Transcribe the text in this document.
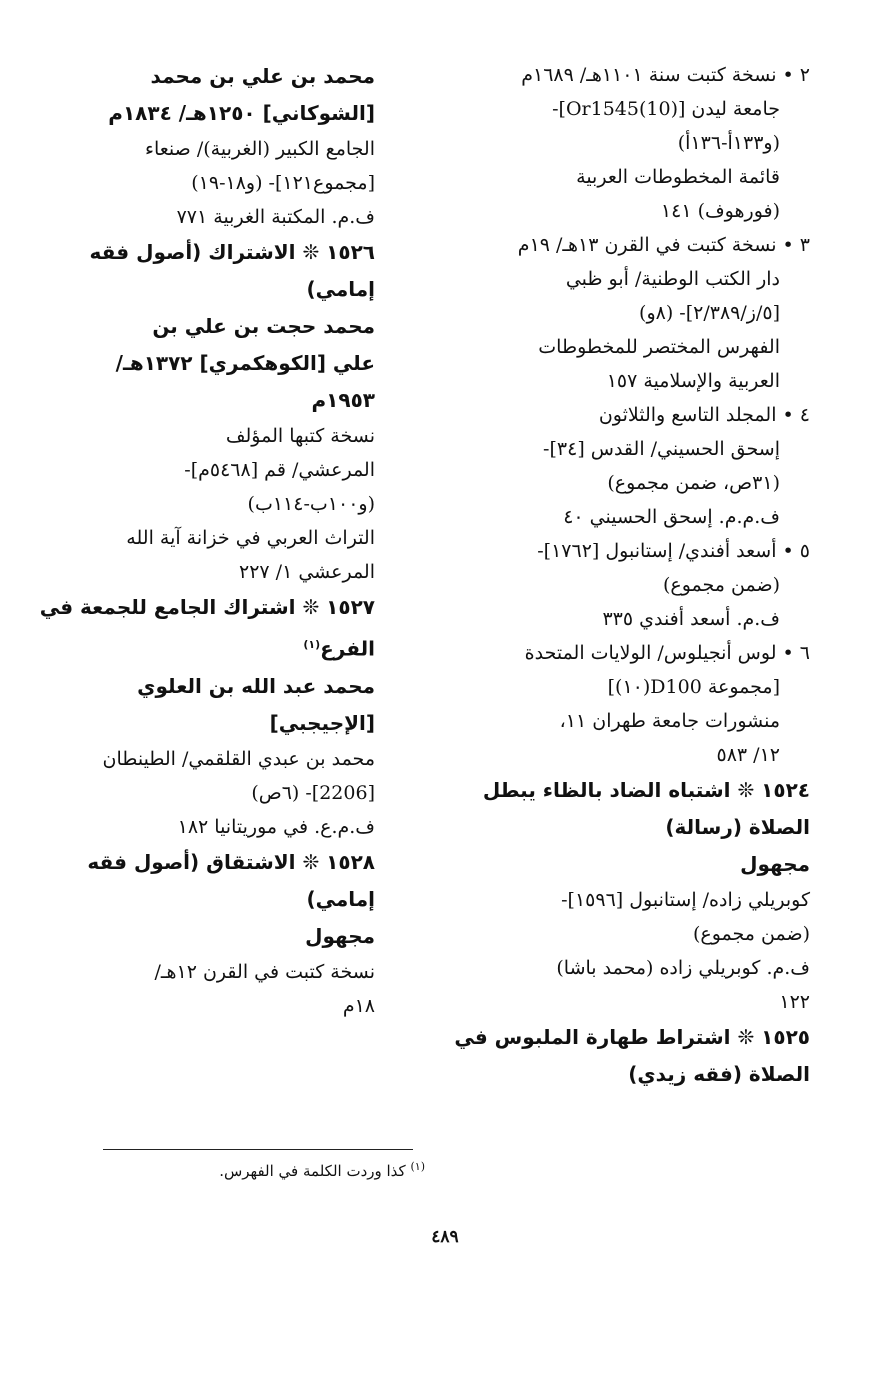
٢ • نسخة كتبت سنة ١١٠١هـ/ ١٦٨٩م
جامعة ليدن [Or1545(10)]-
(و١٣٣أ-١٣٦أ)
قائمة المخطوطات العربية
(فورهوف) ١٤١
٣ • نسخة كتبت في القرن ١٣هـ/ ١٩م
دار الكتب الوطنية/ أبو ظبي
[٥/ز/٢/٣٨٩]- (٨و)
الفهرس المختصر للمخطوطات
العربية والإسلامية ١٥٧
٤ • المجلد التاسع والثلاثون
إسحق الحسيني/ القدس [٣٤]-
(٣١ص، ضمن مجموع)
ف.م.م. إسحق الحسيني ٤٠
٥ • أسعد أفندي/ إستانبول [١٧٦٢]-
(ضمن مجموع)
ف.م. أسعد أفندي ٣٣٥
٦ • لوس أنجيلوس/ الولايات المتحدة
[مجموعة D100(١٠)]
منشورات جامعة طهران ١١،
١٢/ ٥٨٣
١٥٢٤ ❊ اشتباه الضاد بالظاء يبطل
الصلاة (رسالة)
مجهول
كوبريلي زاده/ إستانبول [١٥٩٦]-
(ضمن مجموع)
ف.م. كوبريلي زاده (محمد باشا)
١٢٢
١٥٢٥ ❊ اشتراط طهارة الملبوس في
الصلاة (فقه زيدي)
محمد بن علي بن محمد
[الشوكاني] ١٢٥٠هـ/ ١٨٣٤م
الجامع الكبير (الغربية)/ صنعاء
[مجموع١٢١]- (و١٨-١٩)
ف.م. المكتبة الغربية ٧٧١
١٥٢٦ ❊ الاشتراك (أصول فقه
إمامي)
محمد حجت بن علي بن
علي [الكوهكمري] ١٣٧٢هـ/
١٩٥٣م
نسخة كتبها المؤلف
المرعشي/ قم [٥٤٦٨م]-
(و١٠٠ب-١١٤ب)
التراث العربي في خزانة آية الله
المرعشي ١/ ٢٢٧
١٥٢٧ ❊ اشتراك الجامع للجمعة في
الفرع$^{(١)}$
محمد عبد الله بن العلوي
[الإجيجبي]
محمد بن عبدي القلقمي/ الطينطان
[2206]- (٦ص)
ف.م.ع. في موريتانيا ١٨٢
١٥٢٨ ❊ الاشتقاق (أصول فقه
إمامي)
مجهول
نسخة كتبت في القرن ١٢هـ/
١٨م
$^{(١)}$ كذا وردت الكلمة في الفهرس.
٤٨٩
